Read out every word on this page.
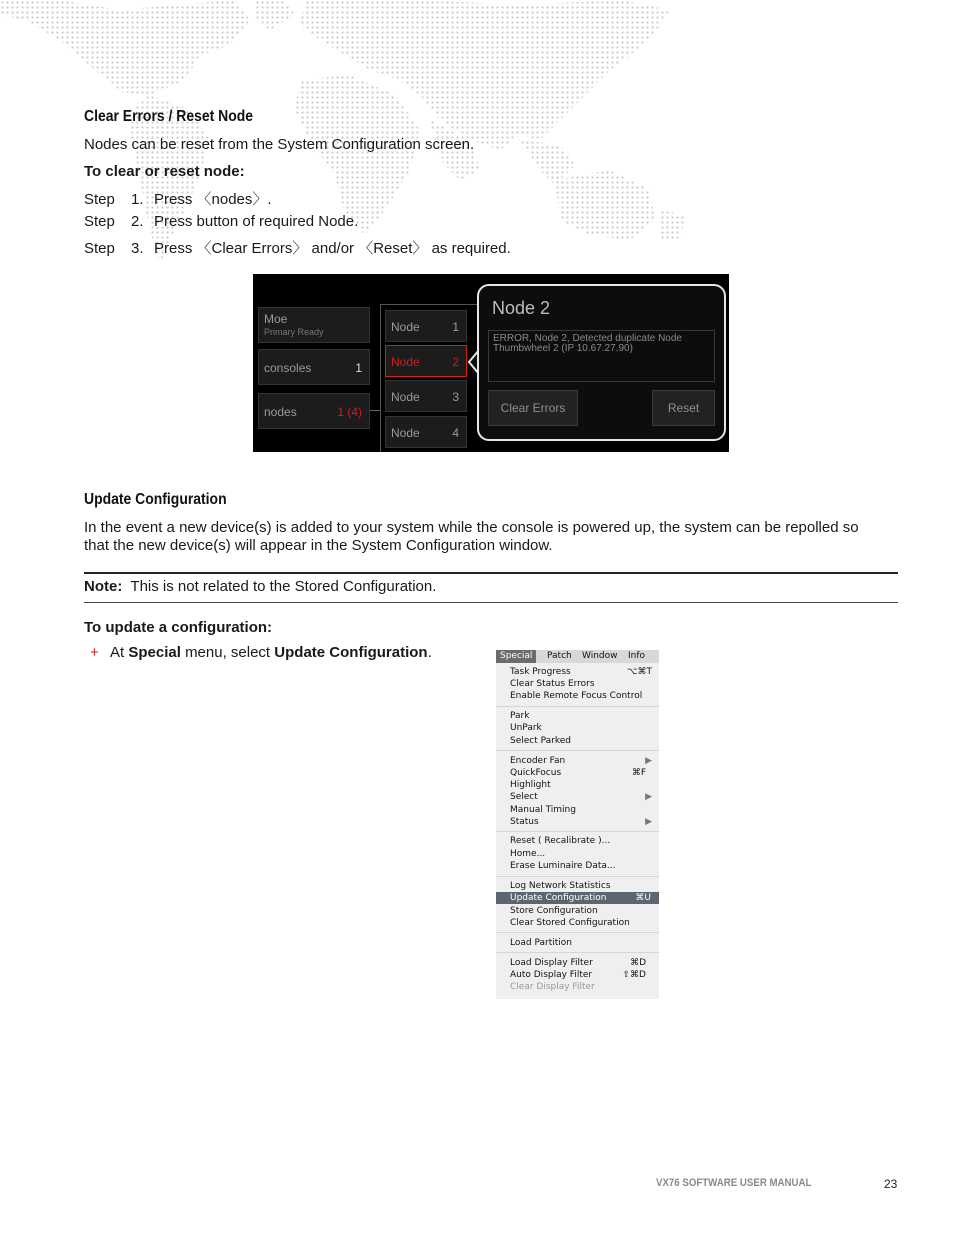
Clear Errors / Reset Node
Nodes can be reset from the System Configuration screen.
To clear or reset node:
Step 1. Press 〈nodes〉.
Step 2. Press button of required Node.
Step 3. Press 〈Clear Errors〉 and/or 〈Reset〉 as required.
Moe
Primary Ready
consoles	1
nodes	1 (4)
Node	1
Node	2
Node	3
Node	4
Node 2
ERROR, Node 2, Detected duplicate Node Thumbwheel 2 (IP 10.67.27.90)
Clear Errors	Reset
Update Configuration
In the event a new device(s) is added to your system while the console is powered up, the system can be repolled so
that the new device(s) will appear in the System Configuration window.
Note: This is not related to the Stored Configuration.
To update a configuration:
+ At Special menu, select Update Configuration.	Special	Patch Window Info
Task Progress	⌥⌘T
Clear Status Errors
Enable Remote Focus Control
Park
UnPark
Select Parked
Encoder Fan	▶
QuickFocus	⌘F
Highlight
Select	▶
Manual Timing
Status	▶
Reset ( Recalibrate )...
Home...
Erase Luminaire Data...
Log Network Statistics
Update Configuration	⌘U
Store Configuration
Clear Stored Configuration
Load Partition
Load Display Filter	⌘D
Auto Display Filter	⇧⌘D
Clear Display Filter
VX76 SOFTWARE USER MANUAL	23
